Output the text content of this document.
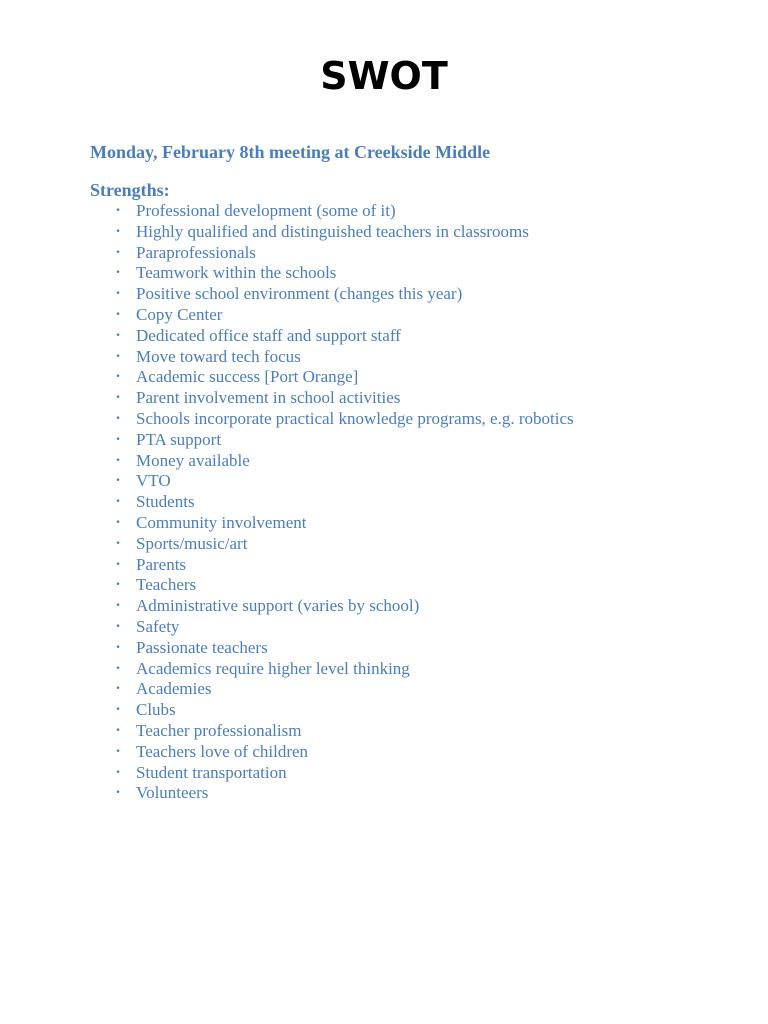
SWOT
Monday, February 8th meeting at Creekside Middle
Strengths:
• Professional development (some of it)
• Highly qualified and distinguished teachers in classrooms
• Paraprofessionals
• Teamwork within the schools
• Positive school environment (changes this year)
• Copy Center
• Dedicated office staff and support staff
• Move toward tech focus
• Academic success [Port Orange]
• Parent involvement in school activities
• Schools incorporate practical knowledge programs, e.g. robotics
• PTA support
• Money available
• VTO
• Students
• Community involvement
• Sports/music/art
• Parents
• Teachers
• Administrative support (varies by school)
• Safety
• Passionate teachers
• Academics require higher level thinking
• Academies
• Clubs
• Teacher professionalism
• Teachers love of children
• Student transportation
• Volunteers
